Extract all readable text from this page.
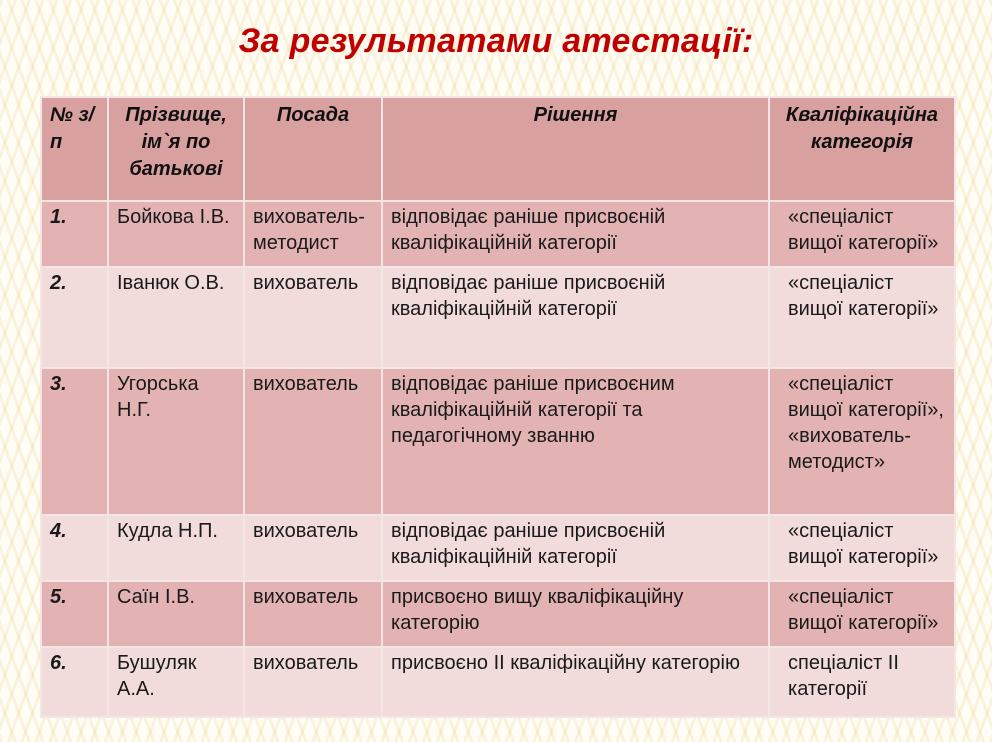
За результатами атестації:
№ з/п	Прізвище, ім`я по батькові	Посада	Рішення	Кваліфікаційна категорія
1.	Бойкова І.В.	вихователь-методист	відповідає раніше присвоєній кваліфікаційній категорії	«спеціаліст вищої категорії»
2.	Іванюк О.В.	вихователь	відповідає раніше присвоєній кваліфікаційній категорії	«спеціаліст вищої категорії»
3.	Угорська Н.Г.	вихователь	відповідає раніше присвоєним кваліфікаційній категорії та педагогічному званню	«спеціаліст вищої категорії», «вихователь-методист»
4.	Кудла Н.П.	вихователь	відповідає раніше присвоєній кваліфікаційній категорії	«спеціаліст вищої категорії»
5.	Саїн І.В.	вихователь	присвоєно вищу кваліфікаційну категорію	«спеціаліст вищої категорії»
6.	Бушуляк А.А.	вихователь	присвоєно ІІ кваліфікаційну категорію	спеціаліст ІІ категорії
